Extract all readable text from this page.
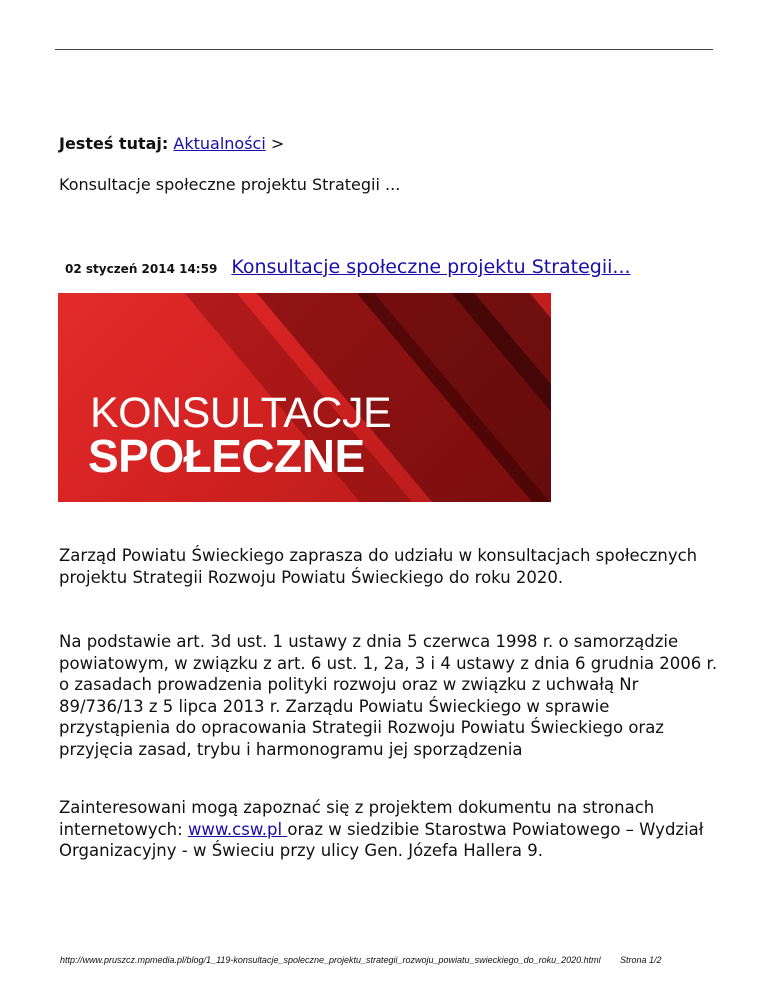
Jesteś tutaj: Aktualności >
Konsultacje społeczne projektu Strategii ...
02 styczeń 2014 14:59 Konsultacje społeczne projektu Strategii...
KONSULTACJE
SPOŁECZNE

Zarząd Powiatu Świeckiego zaprasza do udziału w konsultacjach społecznych projektu Strategii Rozwoju Powiatu Świeckiego do roku 2020.

Na podstawie art. 3d ust. 1 ustawy z dnia 5 czerwca 1998 r. o samorządzie powiatowym, w związku z art. 6 ust. 1, 2a, 3 i 4 ustawy z dnia 6 grudnia 2006 r. o zasadach prowadzenia polityki rozwoju oraz w związku z uchwałą Nr 89/736/13 z 5 lipca 2013 r. Zarządu Powiatu Świeckiego w sprawie przystąpienia do opracowania Strategii Rozwoju Powiatu Świeckiego oraz przyjęcia zasad, trybu i harmonogramu jej sporządzenia

Zainteresowani mogą zapoznać się z projektem dokumentu na stronach internetowych: www.csw.pl oraz w siedzibie Starostwa Powiatowego – Wydział Organizacyjny - w Świeciu przy ulicy Gen. Józefa Hallera 9.

http://www.pruszcz.mpmedia.pl/blog/1_119-konsultacje_spoleczne_projektu_strategii_rozwoju_powiatu_swieckiego_do_roku_2020.html Strona 1/2
